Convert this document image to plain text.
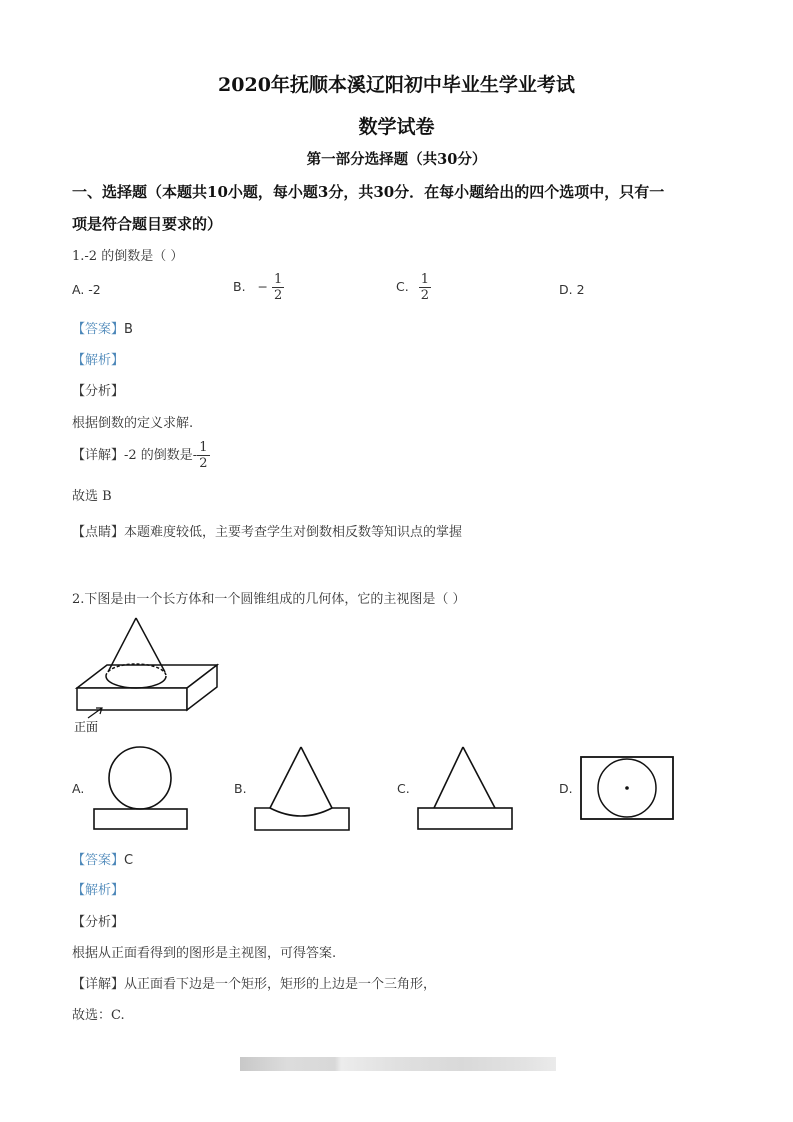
2020年抚顺本溪辽阳初中毕业生学业考试
数学试卷
第一部分选择题（共30分）
一、选择题（本题共10小题，每小题3分，共30分．在每小题给出的四个选项中，只有一
项是符合题目要求的）
1.-2 的倒数是（ ）
A. -2	B. − $\frac{1}{2}$	C. $\frac{1}{2}$	D. 2
【答案】B
【解析】
【分析】
根据倒数的定义求解.
【详解】-2 的倒数是- $\frac{1}{2}$
故选 B
【点睛】本题难度较低，主要考查学生对倒数相反数等知识点的掌握
2.下图是由一个长方体和一个圆锥组成的几何体，它的主视图是（ ）
正面
A.	B.	C.	D.
【答案】C
【解析】
【分析】
根据从正面看得到的图形是主视图，可得答案.
【详解】从正面看下边是一个矩形，矩形的上边是一个三角形，
故选：C.
